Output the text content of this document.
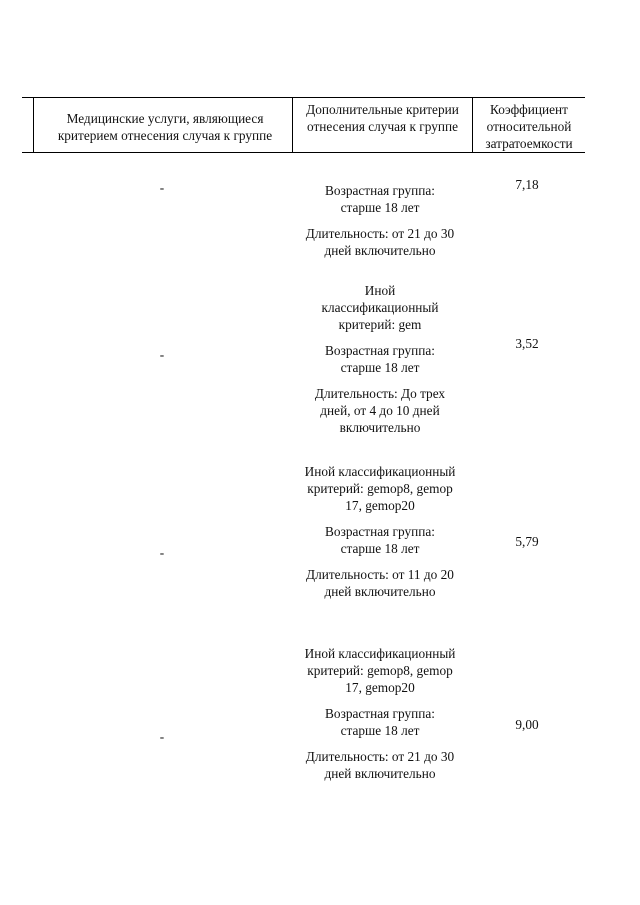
Медицинские услуги, являющиеся критерием отнесения случая к группе
Дополнительные критерии отнесения случая к группе
Коэффициент относительной затратоемкости
-	Возрастная группа: старше 18 лет

Длительность: от 21 до 30 дней включительно

7,18
-

Иной классификационный критерий: gem

Возрастная группа: старше 18 лет

Длительность: До трех дней, от 4 до 10 дней включительно

3,52
-

Иной классификационный критерий: gemop8, gemop 17, gemop20

Возрастная группа: старше 18 лет

Длительность: от 11 до 20 дней включительно

5,79
-

Иной классификационный критерий: gemop8, gemop 17, gemop20

Возрастная группа: старше 18 лет

Длительность: от 21 до 30 дней включительно

9,00
